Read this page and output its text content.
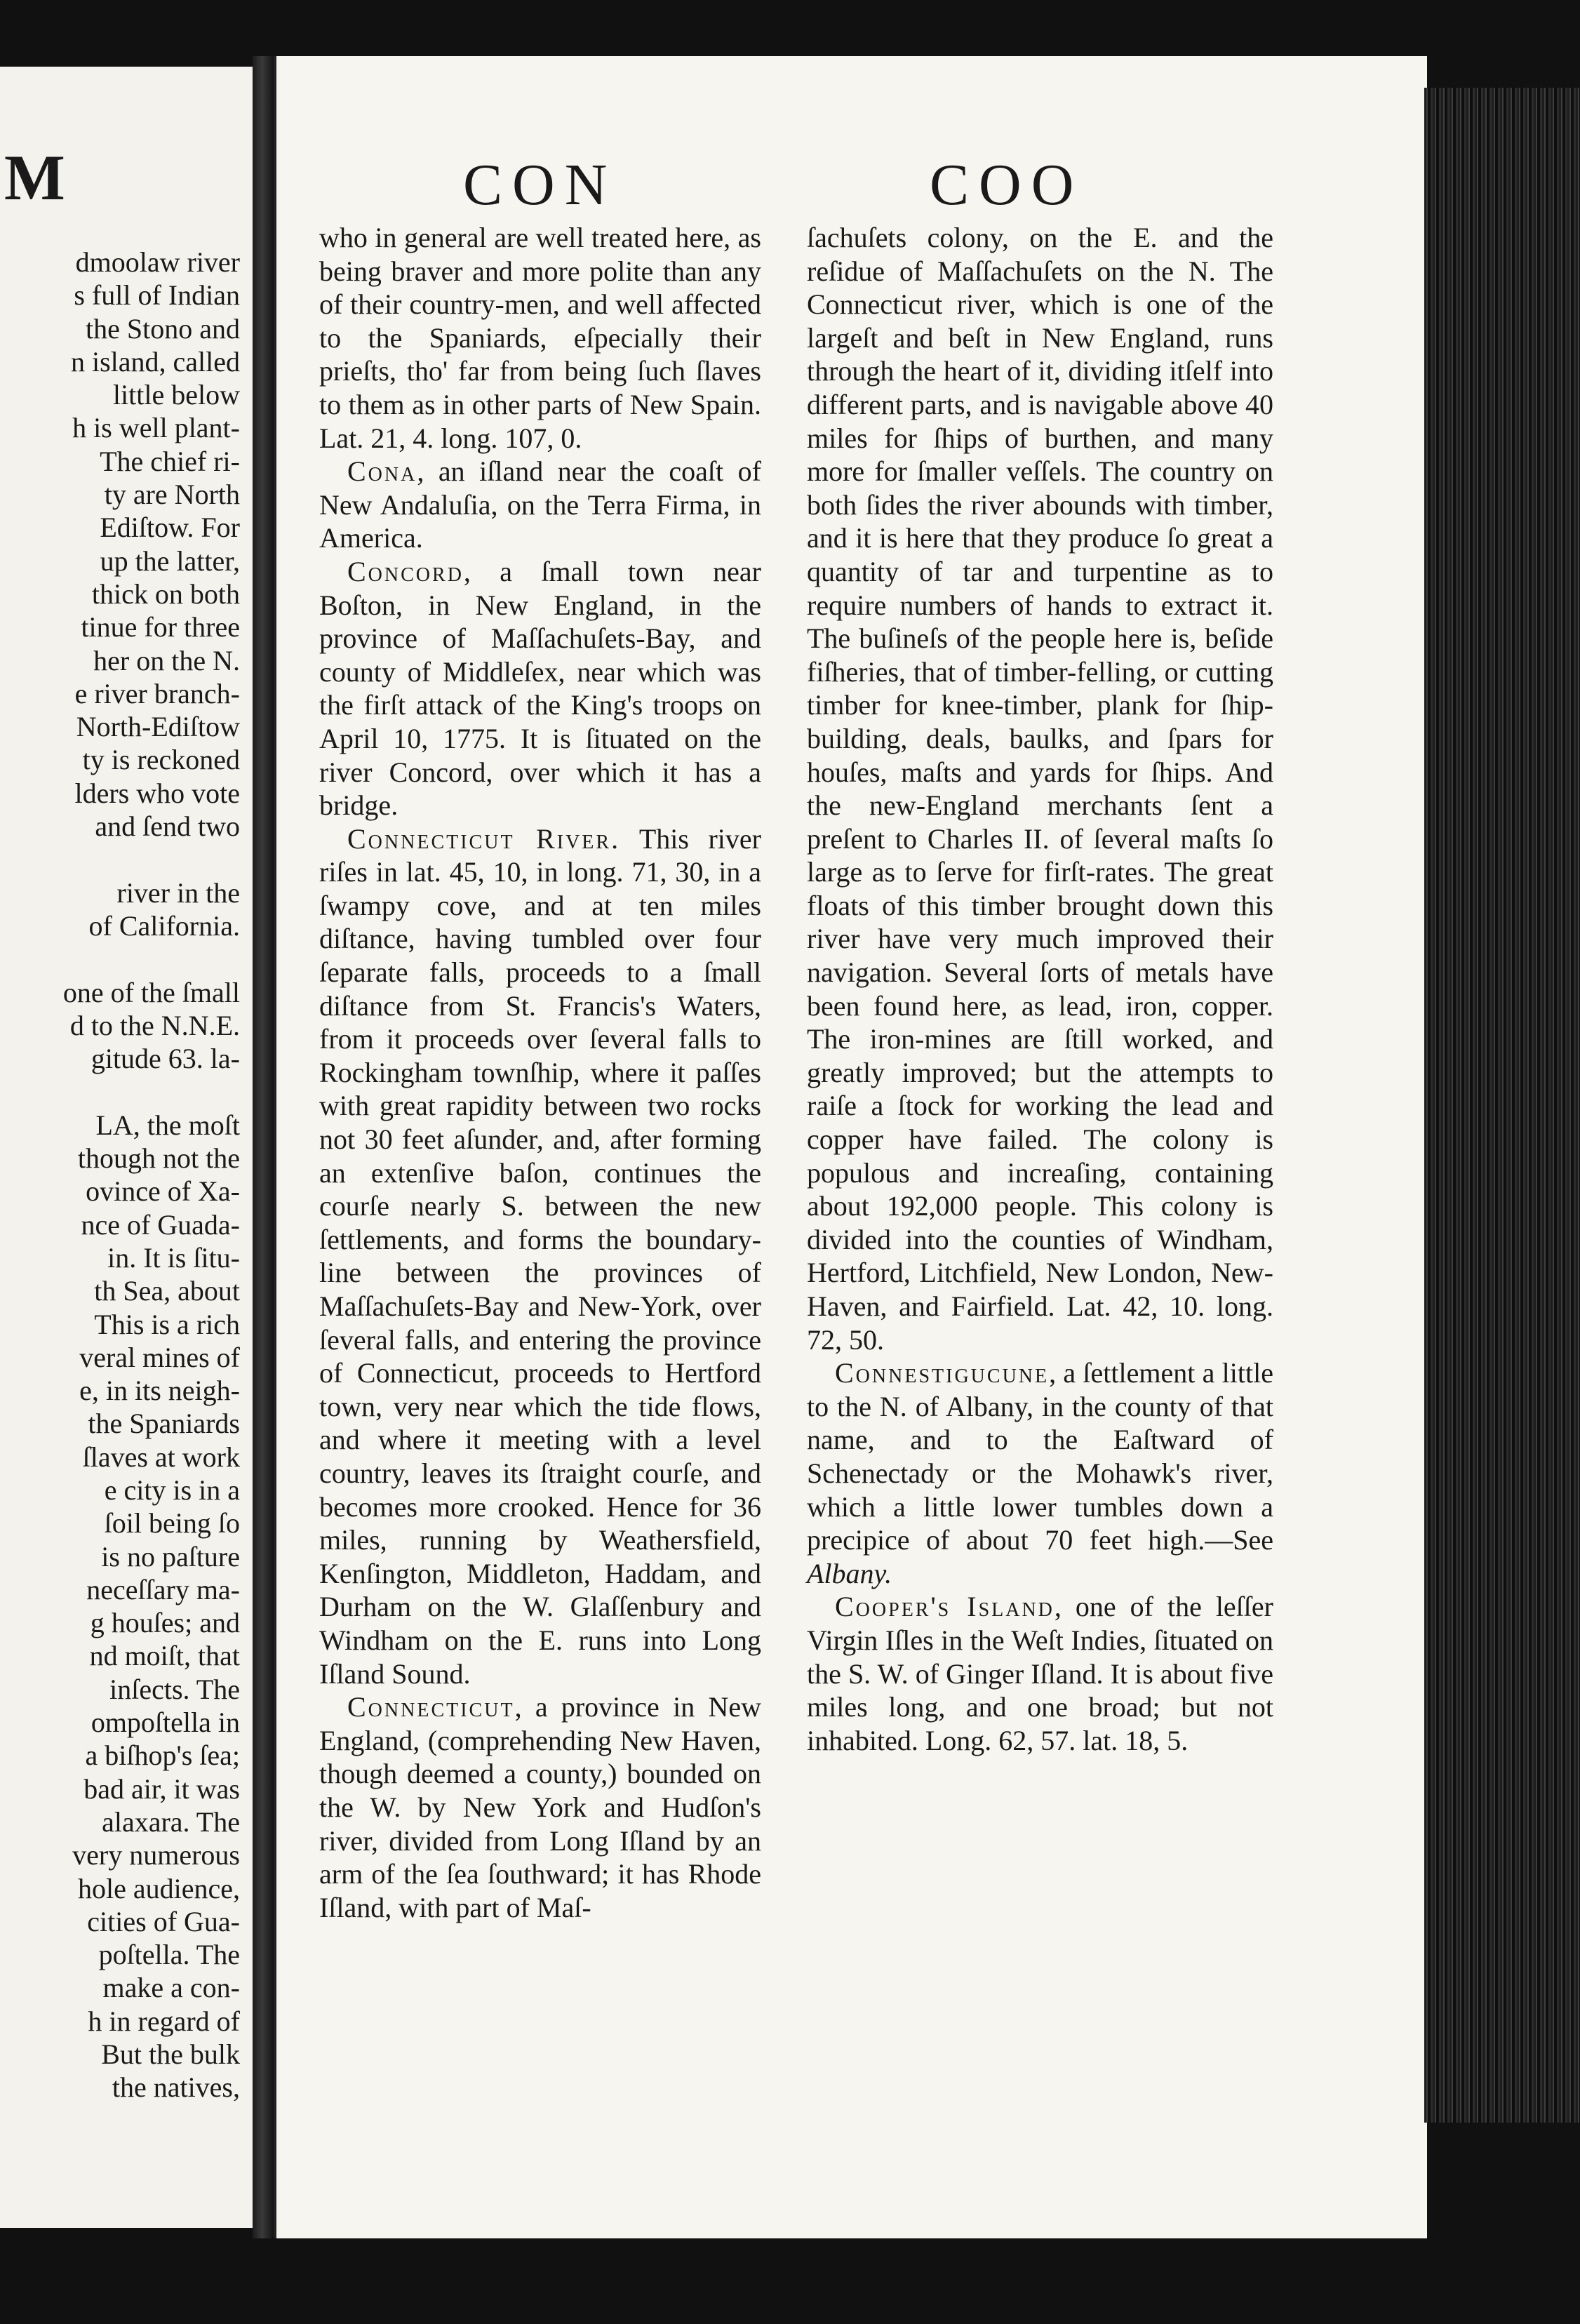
M
dmoolaw river
s full of Indian
the Stono and
n island, called
little below
h is well plant-
The chief ri-
ty are North
Ediſtow. For
up the latter,
thick on both
tinue for three
her on the N.
e river branch-
North-Ediſtow
ty is reckoned
lders who vote
and ſend two
river in the
of California.
one of the ſmall
d to the N.N.E.
gitude 63. la-
LA, the moſt
though not the
ovince of Xa-
nce of Guada-
in. It is ſitu-
th Sea, about
This is a rich
veral mines of
e, in its neigh-
the Spaniards
ſlaves at work
e city is in a
ſoil being ſo
is no paſture
neceſſary ma-
g houſes; and
nd moiſt, that
inſects. The
ompoſtella in
a biſhop's ſea;
bad air, it was
alaxara. The
very numerous
hole audience,
cities of Gua-
poſtella. The
make a con-
h in regard of
But the bulk
the natives,
CON	COO

who in general are well treated here, as being braver and more polite than any of their country-men, and well affected to the Spaniards, eſpecially their prieſts, tho' far from being ſuch ſlaves to them as in other parts of New Spain. Lat. 21, 4. long. 107, 0.

Cona, an iſland near the coaſt of New Andaluſia, on the Terra Firma, in America.

Concord, a ſmall town near Boſton, in New England, in the province of Maſſachuſets-Bay, and county of Middleſex, near which was the firſt attack of the King's troops on April 10, 1775. It is ſituated on the river Concord, over which it has a bridge.

Connecticut River. This river riſes in lat. 45, 10, in long. 71, 30, in a ſwampy cove, and at ten miles diſtance, having tumbled over four ſeparate falls, proceeds to a ſmall diſtance from St. Francis's Waters, from it proceeds over ſeveral falls to Rockingham townſhip, where it paſſes with great rapidity between two rocks not 30 feet aſunder, and, after forming an extenſive baſon, continues the courſe nearly S. between the new ſettlements, and forms the boundary-line between the provinces of Maſſachuſets-Bay and New-York, over ſeveral falls, and entering the province of Connecticut, proceeds to Hertford town, very near which the tide flows, and where it meeting with a level country, leaves its ſtraight courſe, and becomes more crooked. Hence for 36 miles, running by Weathersfield, Kenſington, Middleton, Haddam, and Durham on the W. Glaſſenbury and Windham on the E. runs into Long Iſland Sound.

Connecticut, a province in New England, (comprehending New Haven, though deemed a county,) bounded on the W. by New York and Hudſon's river, divided from Long Iſland by an arm of the ſea ſouthward; it has Rhode Iſland, with part of Maſ-

ſachuſets colony, on the E. and the reſidue of Maſſachuſets on the N. The Connecticut river, which is one of the largeſt and beſt in New England, runs through the heart of it, dividing itſelf into different parts, and is navigable above 40 miles for ſhips of burthen, and many more for ſmaller veſſels. The country on both ſides the river abounds with timber, and it is here that they produce ſo great a quantity of tar and turpentine as to require numbers of hands to extract it. The buſineſs of the people here is, beſide fiſheries, that of timber-felling, or cutting timber for knee-timber, plank for ſhip-building, deals, baulks, and ſpars for houſes, maſts and yards for ſhips. And the new-England merchants ſent a preſent to Charles II. of ſeveral maſts ſo large as to ſerve for firſt-rates. The great floats of this timber brought down this river have very much improved their navigation. Several ſorts of metals have been found here, as lead, iron, copper. The iron-mines are ſtill worked, and greatly improved; but the attempts to raiſe a ſtock for working the lead and copper have failed. The colony is populous and increaſing, containing about 192,000 people. This colony is divided into the counties of Windham, Hertford, Litchfield, New London, New-Haven, and Fairfield. Lat. 42, 10. long. 72, 50.

Connestigucune, a ſettlement a little to the N. of Albany, in the county of that name, and to the Eaſtward of Schenectady or the Mohawk's river, which a little lower tumbles down a precipice of about 70 feet high.—See Albany.

Cooper's Island, one of the leſſer Virgin Iſles in the Weſt Indies, ſituated on the S. W. of Ginger Iſland. It is about five miles long, and one broad; but not inhabited. Long. 62, 57. lat. 18, 5.
